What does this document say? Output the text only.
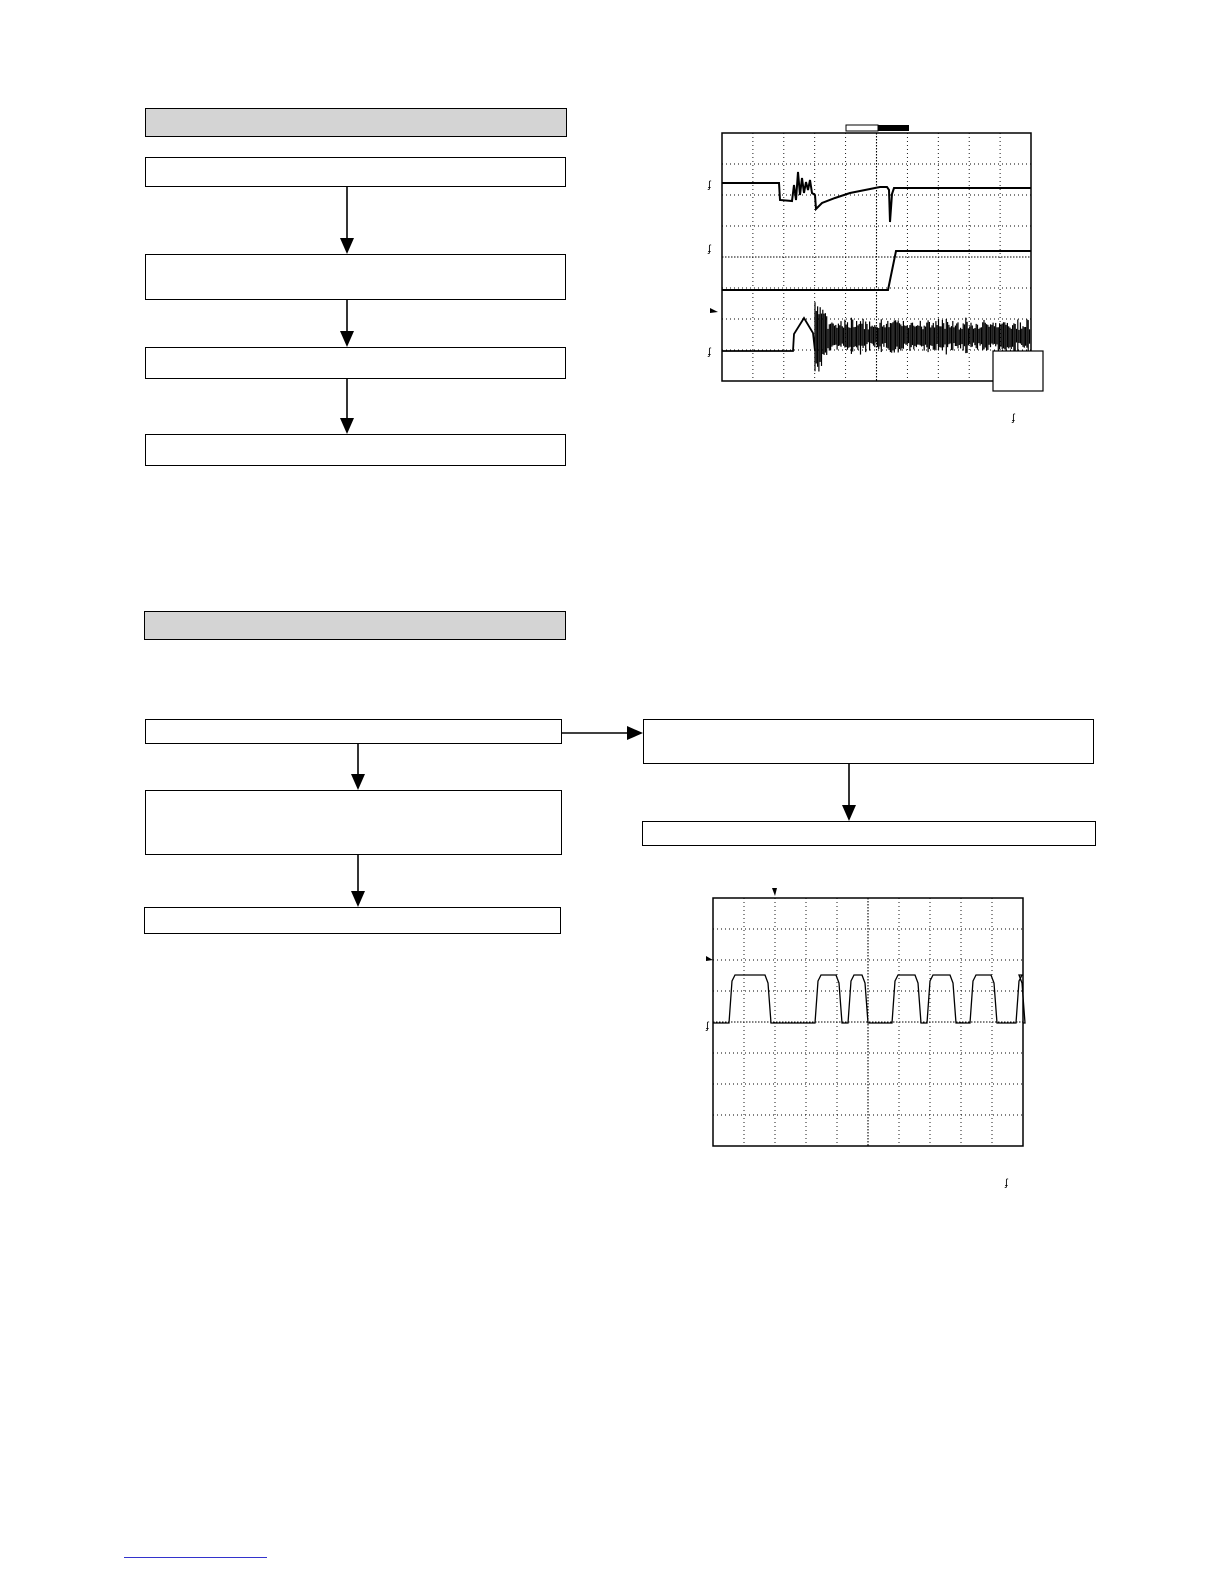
ʄ
ʄ
ʄ
ʄ
ʄ
ʄ
